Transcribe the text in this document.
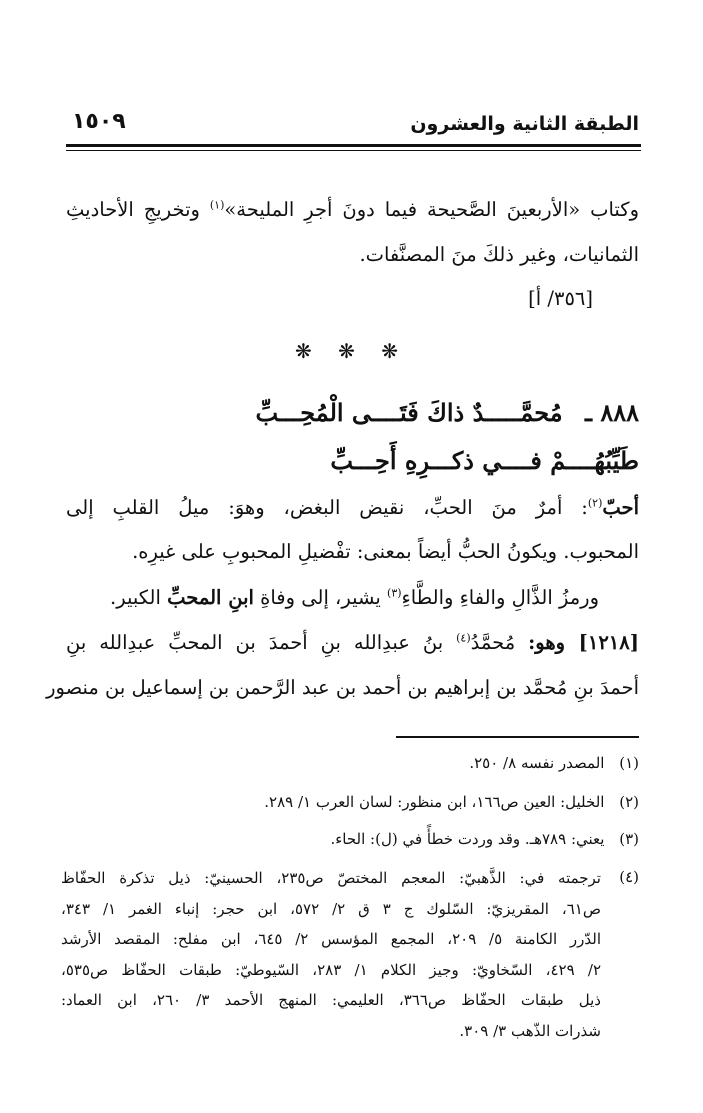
الطبقة الثانية والعشرون
١٥٠٩
وكتاب «الأربعينَ الصَّحيحة فيما دونَ أجرِ المليحة»$^{(١)}$ وتخريجِ الأحاديثِ
الثمانيات، وغير ذلكَ منَ المصنَّفات.
[٣٥٦/ أ]
❋ ❋ ❋
٨٨٨ ـ مُحمَّـــــدٌ ذاكَ فَتَــــى الْمُحِـــبِّ
طَيِّبُهُــــمْ فــــي ذكـــرِهِ أَحِـــبِّ
أحبّ$^{(٢)}$: أمرٌ منَ الحبِّ، نقيض البغض، وهوَ: ميلُ القلبِ إلى
المحبوب. ويكونُ الحبُّ أيضاً بمعنى: تفْضيلِ المحبوبِ على غيرِه.
ورمزُ الذَّالِ والفاءِ والطَّاءِ$^{(٣)}$ يشير، إلى وفاةِ ابنِ المحبِّ الكبير.
[١٢١٨] وهو: مُحمَّدُ$^{(٤)}$ بنُ عبدِالله بنِ أحمدَ بن المحبِّ عبدِالله بنِ
أحمدَ بنِ مُحمَّد بن إبراهيم بن أحمد بن عبد الرَّحمن بن إسماعيل بن منصور
(١) المصدر نفسه ٨/ ٢٥٠.
(٢) الخليل: العين ص١٦٦، ابن منظور: لسان العرب ١/ ٢٨٩.
(٣) يعني: ٧٨٩هـ. وقد وردت خطأً في (ل): الحاء.
(٤)
ترجمته في: الذَّهبيّ: المعجم المختصّ ص٢٣٥، الحسينيّ: ذيل تذكرة الحفّاظ
ص٦١، المقريزيّ: السّلوك ج ٣ ق ٢/ ٥٧٢، ابن حجر: إنباء الغمر ١/ ٣٤٣،
الدّرر الكامنة ٥/ ٢٠٩، المجمع المؤسس ٢/ ٦٤٥، ابن مفلح: المقصد الأرشد
٢/ ٤٢٩، السّخاويّ: وجيز الكلام ١/ ٢٨٣، السّيوطيّ: طبقات الحفّاظ ص٥٣٥،
ذيل طبقات الحفّاظ ص٣٦٦، العليمي: المنهج الأحمد ٣/ ٢٦٠، ابن العماد:
شذرات الذّهب ٣/ ٣٠٩.
